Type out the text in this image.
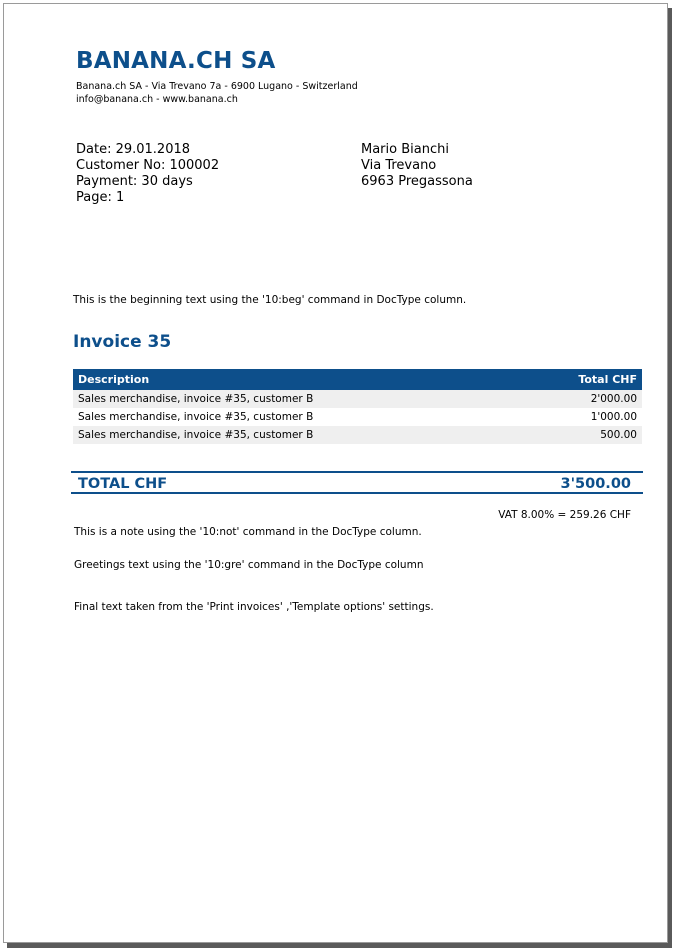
BANANA.CH SA
Banana.ch SA - Via Trevano 7a - 6900 Lugano - Switzerland
info@banana.ch - www.banana.ch
Date: 29.01.2018
Customer No: 100002
Payment: 30 days
Page: 1
Mario Bianchi
Via Trevano
6963 Pregassona
This is the beginning text using the '10:beg' command in DocType column.
Invoice 35
Description	Total CHF
Sales merchandise, invoice #35, customer B	2'000.00
Sales merchandise, invoice #35, customer B	1'000.00
Sales merchandise, invoice #35, customer B	500.00
TOTAL CHF	3'500.00
VAT 8.00% = 259.26 CHF
This is a note using the '10:not' command in the DocType column.
Greetings text using the '10:gre' command in the DocType column
Final text taken from the 'Print invoices' ,'Template options' settings.
